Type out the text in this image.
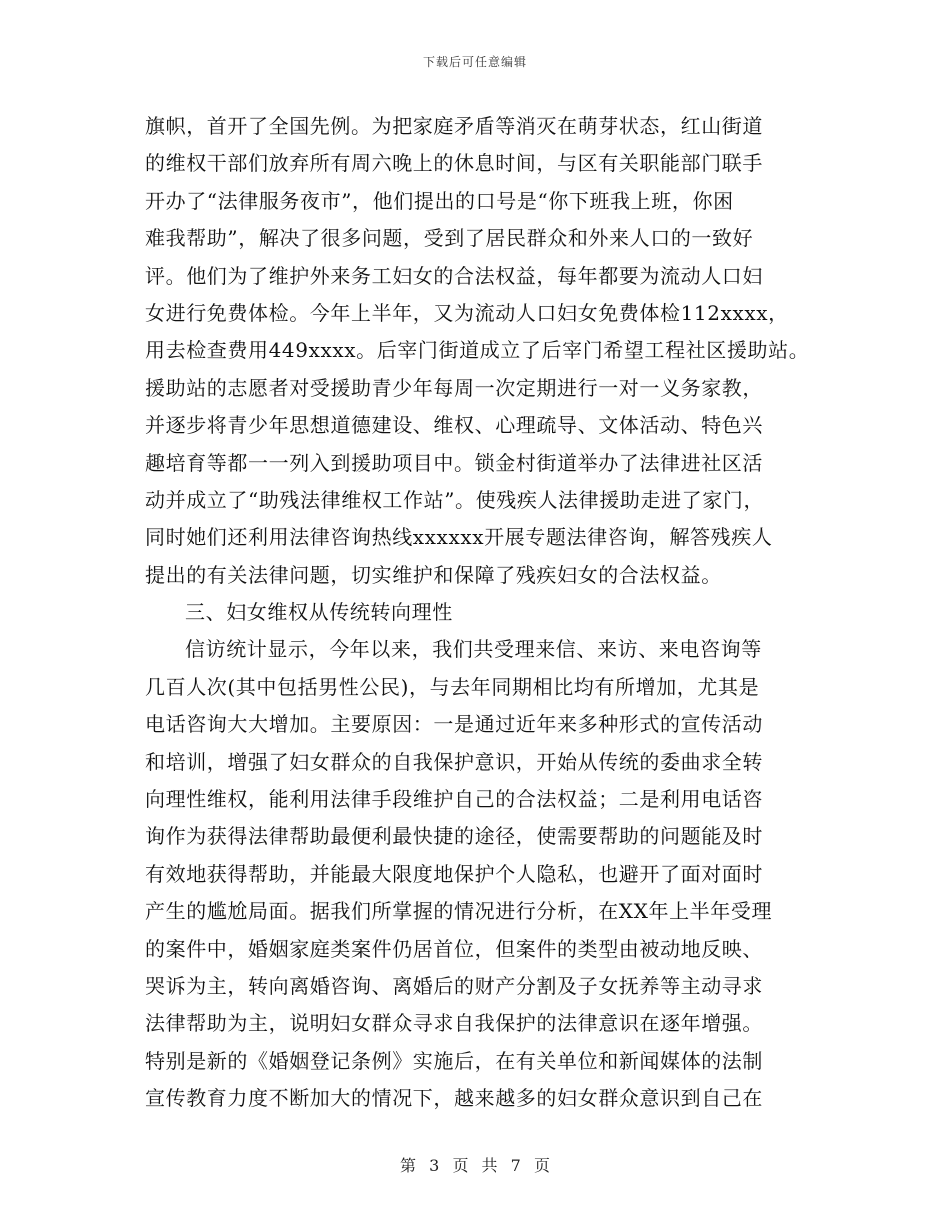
下载后可任意编辑
旗帜，首开了全国先例。为把家庭矛盾等消灭在萌芽状态，红山街道
的维权干部们放弃所有周六晚上的休息时间，与区有关职能部门联手
开办了“法律服务夜市”，他们提出的口号是“你下班我上班，你困
难我帮助”，解决了很多问题，受到了居民群众和外来人口的一致好
评。他们为了维护外来务工妇女的合法权益，每年都要为流动人口妇
女进行免费体检。今年上半年，又为流动人口妇女免费体检112xxxx，
用去检查费用449xxxx。后宰门街道成立了后宰门希望工程社区援助站。
援助站的志愿者对受援助青少年每周一次定期进行一对一义务家教，
并逐步将青少年思想道德建设、维权、心理疏导、文体活动、特色兴
趣培育等都一一列入到援助项目中。锁金村街道举办了法律进社区活
动并成立了“助残法律维权工作站”。使残疾人法律援助走进了家门，
同时她们还利用法律咨询热线xxxxxx开展专题法律咨询，解答残疾人
提出的有关法律问题，切实维护和保障了残疾妇女的合法权益。
三、妇女维权从传统转向理性
信访统计显示，今年以来，我们共受理来信、来访、来电咨询等
几百人次(其中包括男性公民)，与去年同期相比均有所增加，尤其是
电话咨询大大增加。主要原因：一是通过近年来多种形式的宣传活动
和培训，增强了妇女群众的自我保护意识，开始从传统的委曲求全转
向理性维权，能利用法律手段维护自己的合法权益；二是利用电话咨
询作为获得法律帮助最便利最快捷的途径，使需要帮助的问题能及时
有效地获得帮助，并能最大限度地保护个人隐私，也避开了面对面时
产生的尴尬局面。据我们所掌握的情况进行分析，在XX年上半年受理
的案件中，婚姻家庭类案件仍居首位，但案件的类型由被动地反映、
哭诉为主，转向离婚咨询、离婚后的财产分割及子女抚养等主动寻求
法律帮助为主，说明妇女群众寻求自我保护的法律意识在逐年增强。
特别是新的《婚姻登记条例》实施后，在有关单位和新闻媒体的法制
宣传教育力度不断加大的情况下，越来越多的妇女群众意识到自己在
第 3 页 共 7 页
